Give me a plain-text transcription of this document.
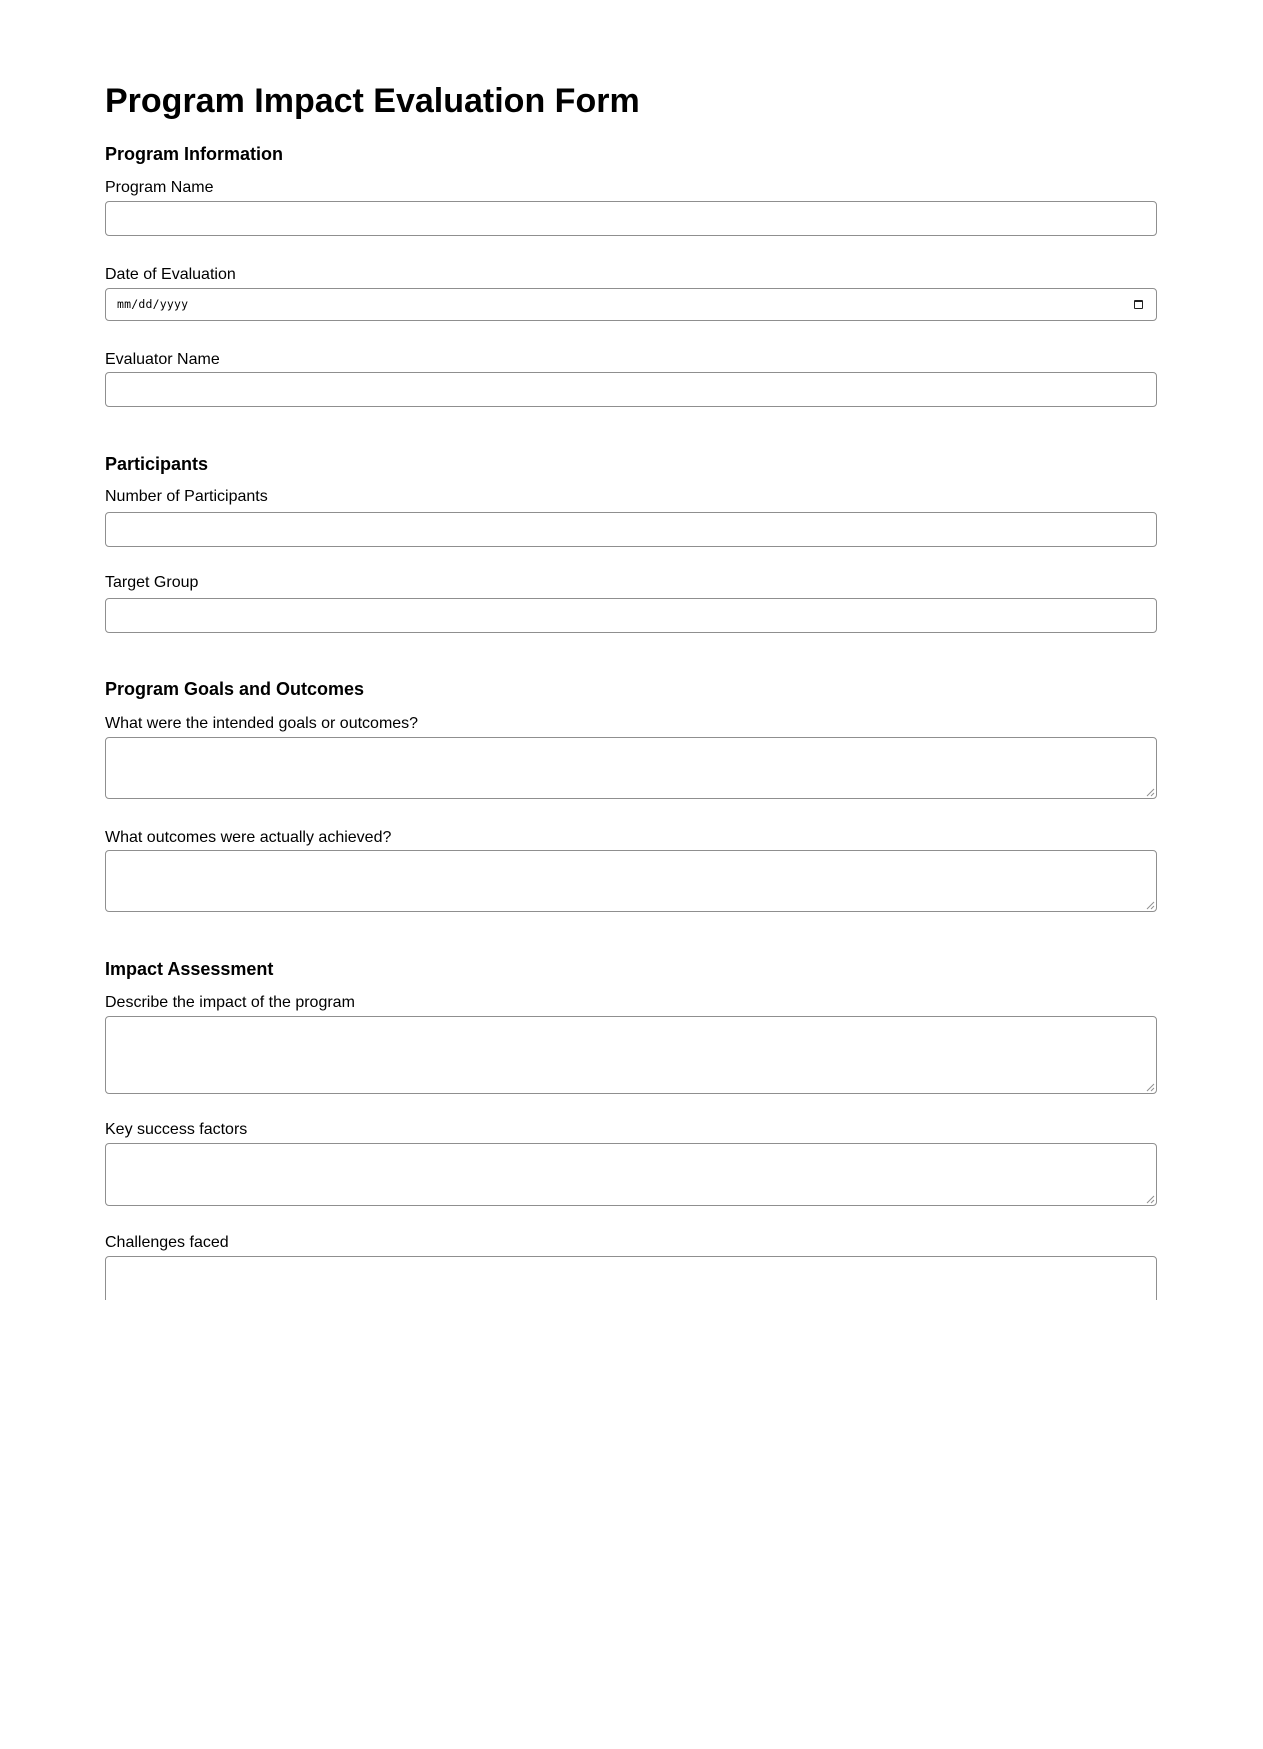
Program Impact Evaluation Form
Program Information
Program Name
Date of Evaluation
mm/dd/yyyy
Evaluator Name
Participants
Number of Participants
Target Group
Program Goals and Outcomes
What were the intended goals or outcomes?
What outcomes were actually achieved?
Impact Assessment
Describe the impact of the program
Key success factors
Challenges faced
